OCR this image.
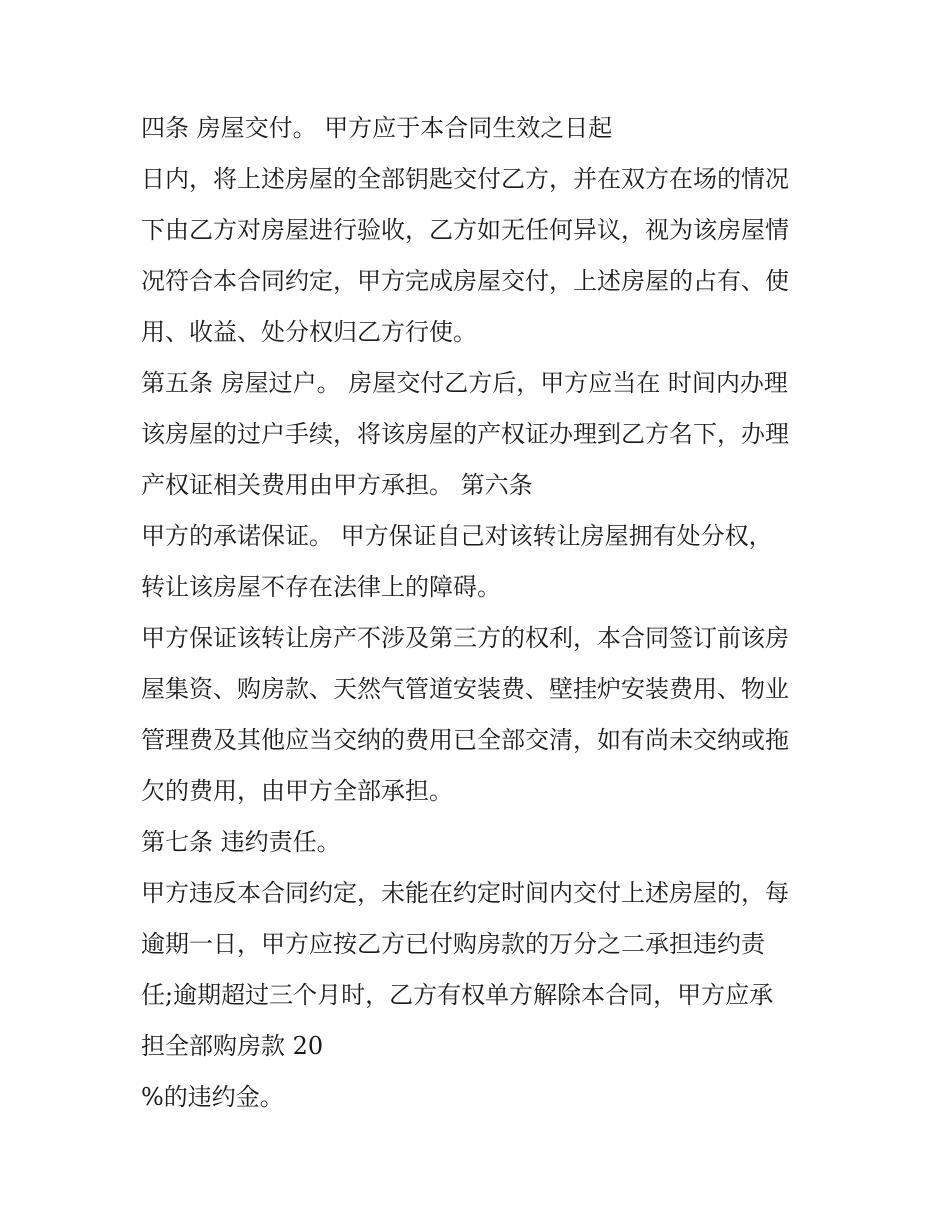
四条 房屋交付。 甲方应于本合同生效之日起
日内，将上述房屋的全部钥匙交付乙方，并在双方在场的情况
下由乙方对房屋进行验收，乙方如无任何异议，视为该房屋情
况符合本合同约定，甲方完成房屋交付，上述房屋的占有、使
用、收益、处分权归乙方行使。
第五条 房屋过户。 房屋交付乙方后，甲方应当在 时间内办理
该房屋的过户手续，将该房屋的产权证办理到乙方名下，办理
产权证相关费用由甲方承担。 第六条
甲方的承诺保证。 甲方保证自己对该转让房屋拥有处分权，
转让该房屋不存在法律上的障碍。
甲方保证该转让房产不涉及第三方的权利，本合同签订前该房
屋集资、购房款、天然气管道安装费、壁挂炉安装费用、物业
管理费及其他应当交纳的费用已全部交清，如有尚未交纳或拖
欠的费用，由甲方全部承担。
第七条 违约责任。
甲方违反本合同约定，未能在约定时间内交付上述房屋的，每
逾期一日，甲方应按乙方已付购房款的万分之二承担违约责
任;逾期超过三个月时，乙方有权单方解除本合同，甲方应承
担全部购房款 20
%的违约金。
